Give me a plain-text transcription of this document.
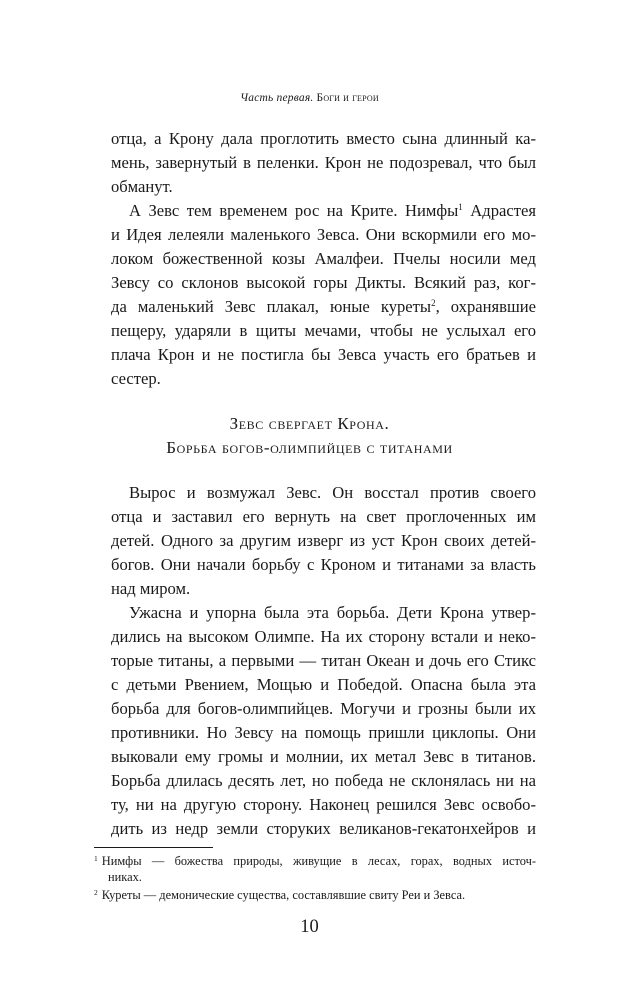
Часть первая. Боги и герои
отца, а Крону дала проглотить вместо сына длинный ка-
мень, завернутый в пеленки. Крон не подозревал, что был
обманут.
А Зевс тем временем рос на Крите. Нимфы$^1$ Адрастея
и Идея лелеяли маленького Зевса. Они вскормили его мо-
локом божественной козы Амалфеи. Пчелы носили мед
Зевсу со склонов высокой горы Дикты. Всякий раз, ког-
да маленький Зевс плакал, юные куреты$^2$, охранявшие
пещеру, ударяли в щиты мечами, чтобы не услыхал его
плача Крон и не постигла бы Зевса участь его братьев и
сестер.
Зевс свергает Крона.
Борьба богов-олимпийцев с титанами
Вырос и возмужал Зевс. Он восстал против своего
отца и заставил его вернуть на свет проглоченных им
детей. Одного за другим изверг из уст Крон своих детей-
богов. Они начали борьбу с Кроном и титанами за власть
над миром.
Ужасна и упорна была эта борьба. Дети Крона утвер-
дились на высоком Олимпе. На их сторону встали и неко-
торые титаны, а первыми — титан Океан и дочь его Стикс
с детьми Рвением, Мощью и Победой. Опасна была эта
борьба для богов-олимпийцев. Могучи и грозны были их
противники. Но Зевсу на помощь пришли циклопы. Они
выковали ему громы и молнии, их метал Зевс в титанов.
Борьба длилась десять лет, но победа не склонялась ни на
ту, ни на другую сторону. Наконец решился Зевс освобо-
дить из недр земли сторуких великанов-гекатонхейров и
$^1$ Нимфы — божества природы, живущие в лесах, горах, водных источ-
никах.
$^2$ Куреты — демонические существа, составлявшие свиту Реи и Зевса.
10
